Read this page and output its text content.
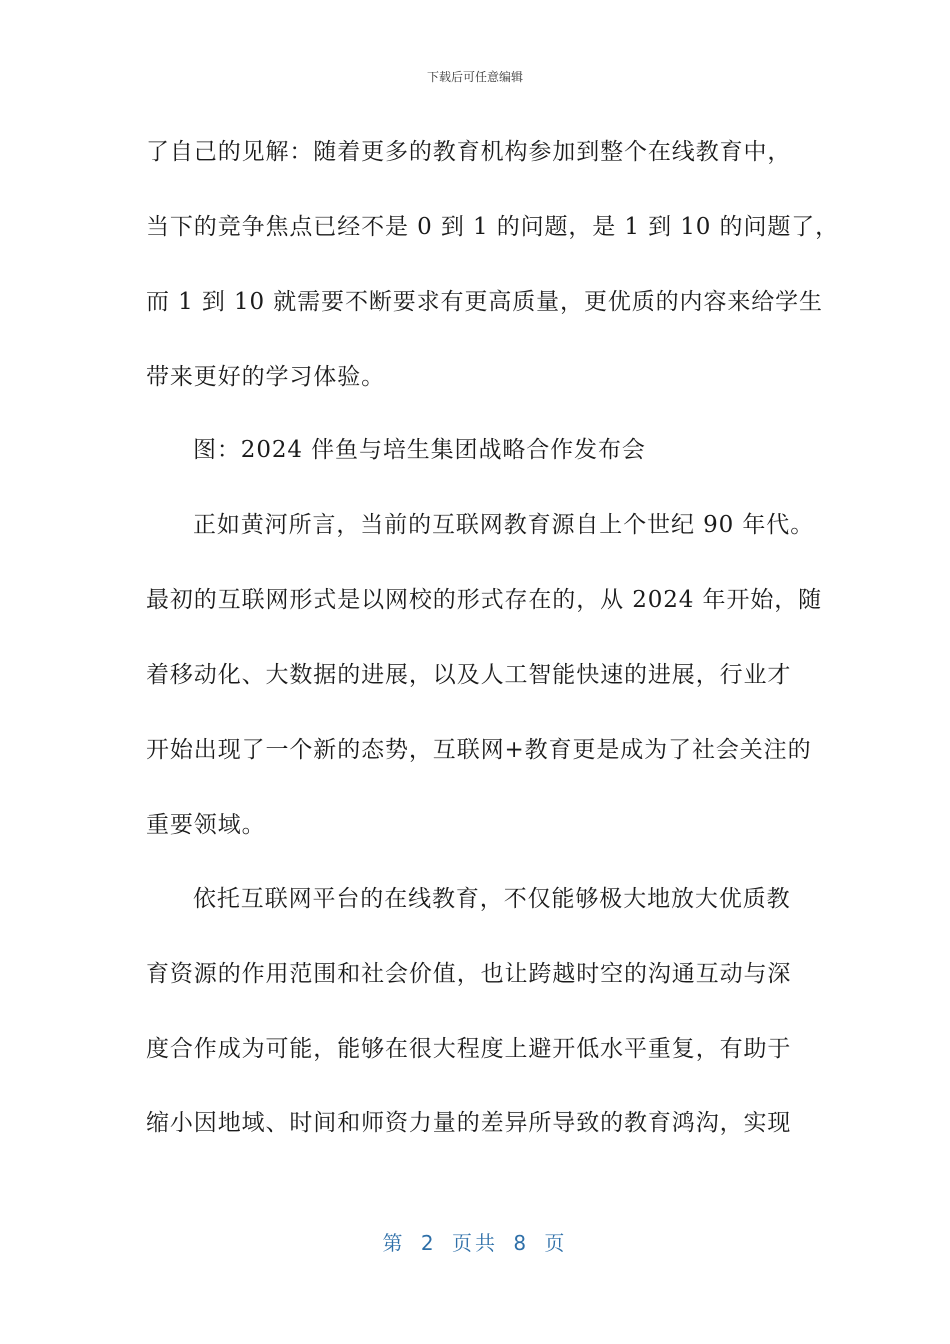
下载后可任意编辑
了自己的见解：随着更多的教育机构参加到整个在线教育中，
当下的竞争焦点已经不是 0 到 1 的问题，是 1 到 10 的问题了，
而 1 到 10 就需要不断要求有更高质量，更优质的内容来给学生
带来更好的学习体验。
图：2024 伴鱼与培生集团战略合作发布会
正如黄河所言，当前的互联网教育源自上个世纪 90 年代。
最初的互联网形式是以网校的形式存在的，从 2024 年开始，随
着移动化、大数据的进展，以及人工智能快速的进展，行业才
开始出现了一个新的态势，互联网+教育更是成为了社会关注的
重要领域。
依托互联网平台的在线教育，不仅能够极大地放大优质教
育资源的作用范围和社会价值，也让跨越时空的沟通互动与深
度合作成为可能，能够在很大程度上避开低水平重复，有助于
缩小因地域、时间和师资力量的差异所导致的教育鸿沟，实现
第 2 页共 8 页
